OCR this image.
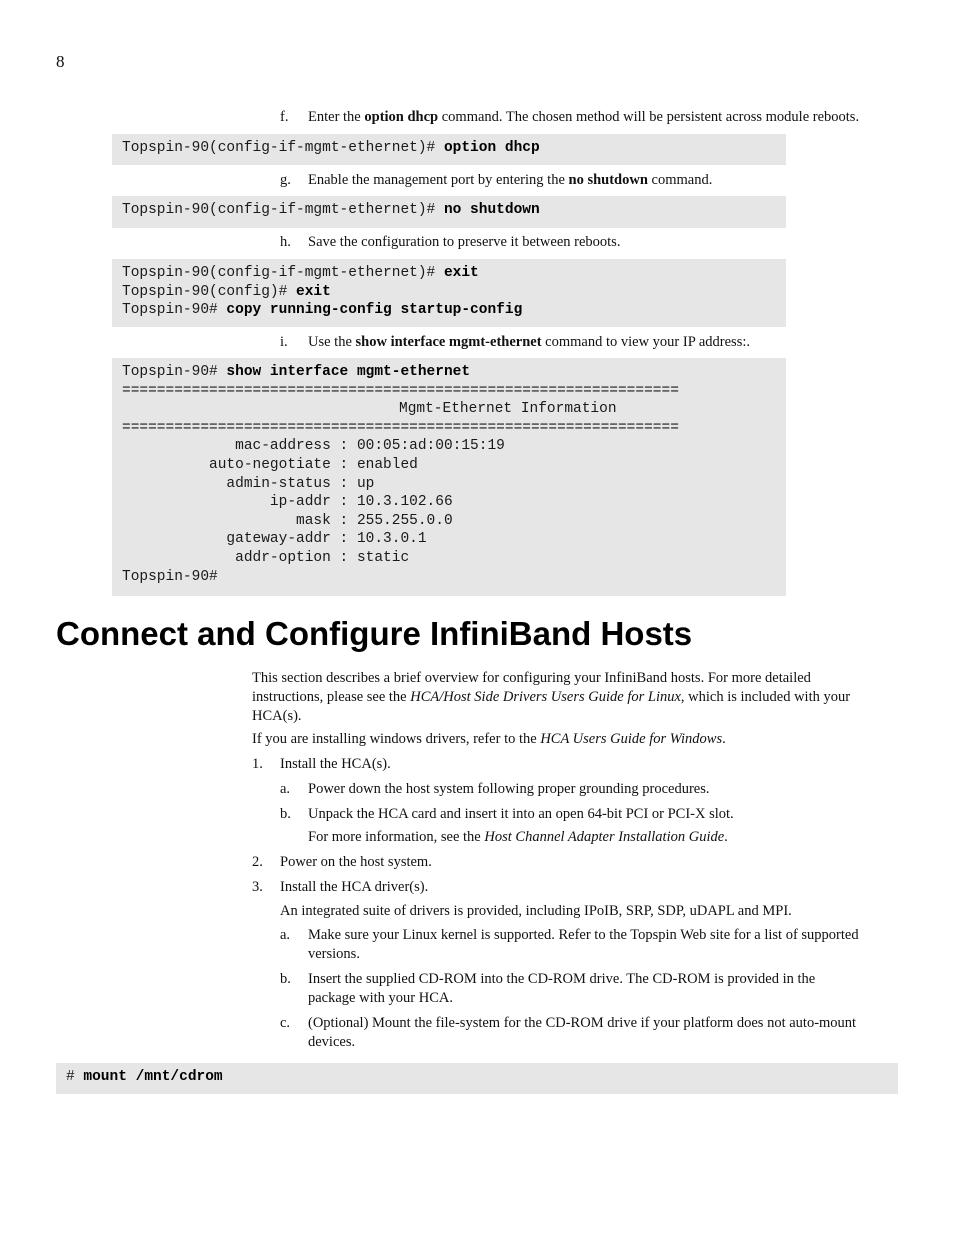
8
f. Enter the option dhcp command. The chosen method will be persistent across module reboots.
Topspin-90(config-if-mgmt-ethernet)# option dhcp
g. Enable the management port by entering the no shutdown command.
Topspin-90(config-if-mgmt-ethernet)# no shutdown
h. Save the configuration to preserve it between reboots.
Topspin-90(config-if-mgmt-ethernet)# exit
Topspin-90(config)# exit
Topspin-90# copy running-config startup-config
i. Use the show interface mgmt-ethernet command to view your IP address:.
Topspin-90# show interface mgmt-ethernet
================================================================
Mgmt-Ethernet Information
================================================================
mac-address : 00:05:ad:00:15:19
auto-negotiate : enabled
admin-status : up
ip-addr : 10.3.102.66
mask : 255.255.0.0
gateway-addr : 10.3.0.1
addr-option : static
Topspin-90#
Connect and Configure InfiniBand Hosts
This section describes a brief overview for configuring your InfiniBand hosts. For more detailed
instructions, please see the HCA/Host Side Drivers Users Guide for Linux, which is included with your
HCA(s).
If you are installing windows drivers, refer to the HCA Users Guide for Windows.
1. Install the HCA(s).
a. Power down the host system following proper grounding procedures.
b. Unpack the HCA card and insert it into an open 64-bit PCI or PCI-X slot.
For more information, see the Host Channel Adapter Installation Guide.
2. Power on the host system.
3. Install the HCA driver(s).
An integrated suite of drivers is provided, including IPoIB, SRP, SDP, uDAPL and MPI.
a. Make sure your Linux kernel is supported. Refer to the Topspin Web site for a list of supported
versions.
b. Insert the supplied CD-ROM into the CD-ROM drive. The CD-ROM is provided in the
package with your HCA.
c. (Optional) Mount the file-system for the CD-ROM drive if your platform does not auto-mount
devices.
# mount /mnt/cdrom
